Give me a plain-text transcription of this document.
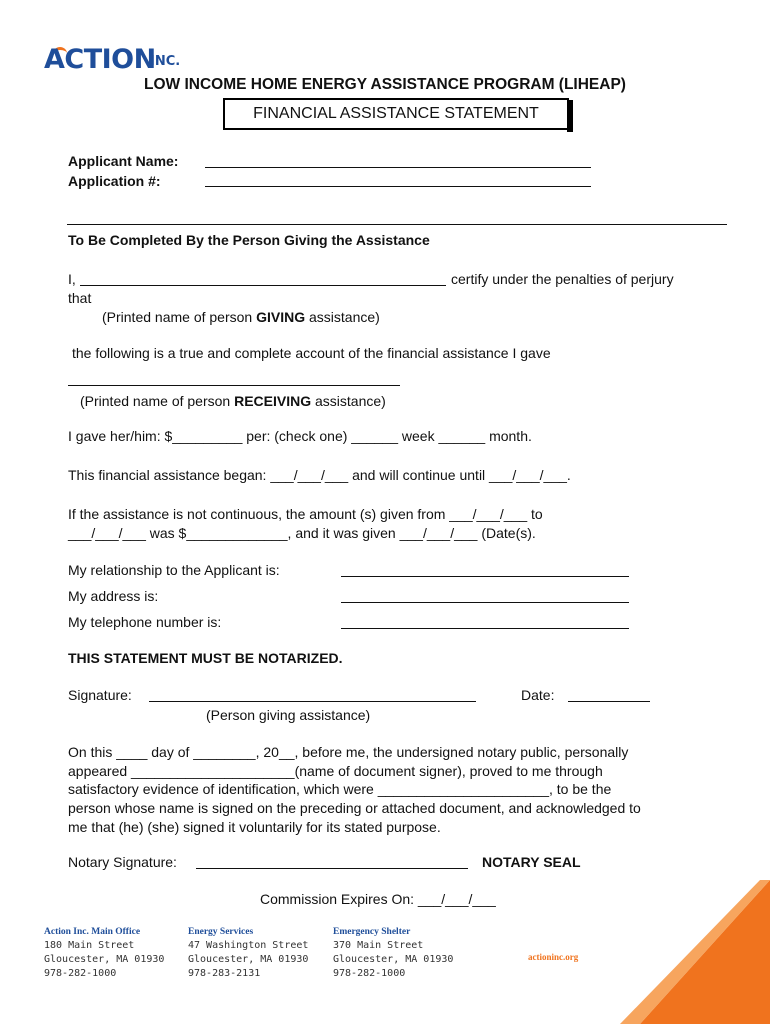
ACTION
INC.
LOW INCOME HOME ENERGY ASSISTANCE PROGRAM (LIHEAP)
FINANCIAL ASSISTANCE STATEMENT
Applicant Name:
Application #:
To Be Completed By the Person Giving the Assistance
I,	certify under the penalties of perjury
that
(Printed name of person GIVING assistance)
the following is a true and complete account of the financial assistance I gave
(Printed name of person RECEIVING assistance)
I gave her/him: $_________ per: (check one) ______ week ______ month.
This financial assistance began: ___/___/___ and will continue until ___/___/___.
If the assistance is not continuous, the amount (s) given from ___/___/___ to
___/___/___ was $_____________, and it was given ___/___/___ (Date(s).
My relationship to the Applicant is:
My address is:
My telephone number is:
THIS STATEMENT MUST BE NOTARIZED.
Signature:	Date:
(Person giving assistance)
On this ____ day of ________, 20__, before me, the undersigned notary public, personally
appeared _____________________(name of document signer), proved to me through
satisfactory evidence of identification, which were ______________________, to be the
person whose name is signed on the preceding or attached document, and acknowledged to
me that (he) (she) signed it voluntarily for its stated purpose.
Notary Signature:	NOTARY SEAL
Commission Expires On: ___/___/___
Action Inc. Main Office
180 Main Street
Gloucester, MA 01930
978-282-1000
Energy Services
47 Washington Street
Gloucester, MA 01930
978-283-2131
Emergency Shelter
370 Main Street
Gloucester, MA 01930
978-282-1000
actioninc.org
